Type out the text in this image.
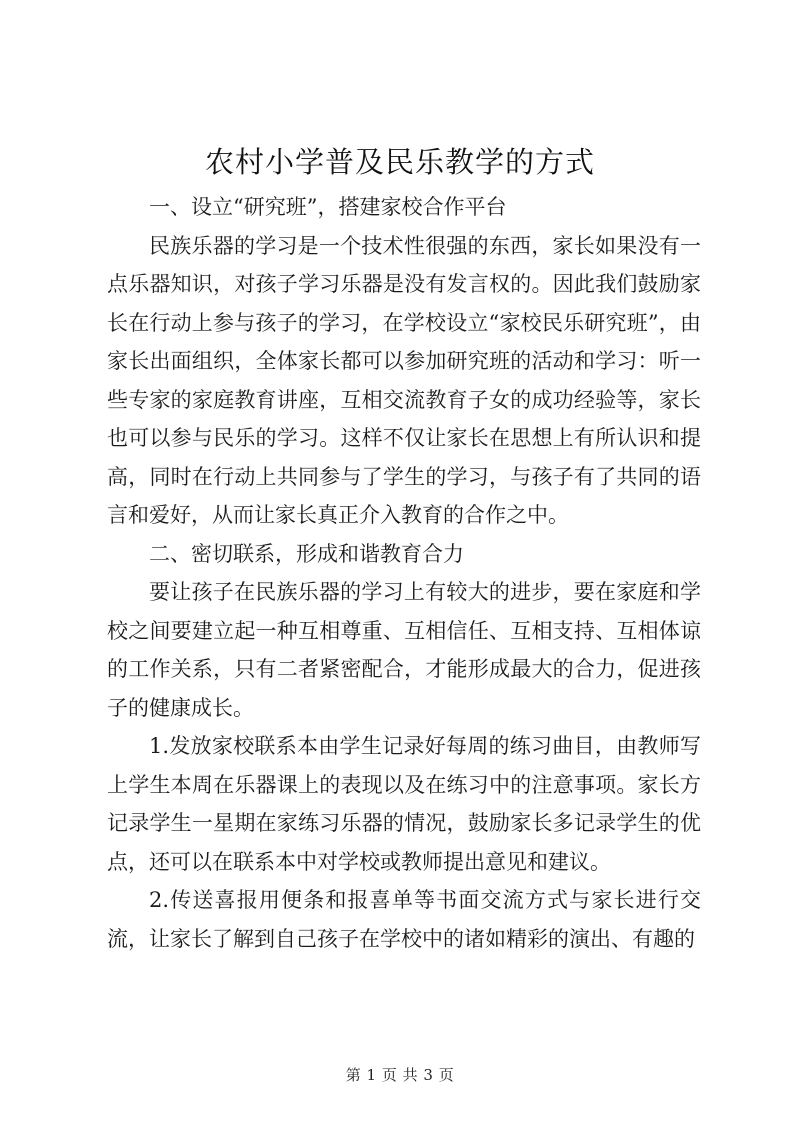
农村小学普及民乐教学的方式

一、设立“研究班”，搭建家校合作平台

民族乐器的学习是一个技术性很强的东西，家长如果没有一点乐器知识，对孩子学习乐器是没有发言权的。因此我们鼓励家长在行动上参与孩子的学习，在学校设立“家校民乐研究班”，由家长出面组织，全体家长都可以参加研究班的活动和学习：听一些专家的家庭教育讲座，互相交流教育子女的成功经验等，家长也可以参与民乐的学习。这样不仅让家长在思想上有所认识和提高，同时在行动上共同参与了学生的学习，与孩子有了共同的语言和爱好，从而让家长真正介入教育的合作之中。

二、密切联系，形成和谐教育合力

要让孩子在民族乐器的学习上有较大的进步，要在家庭和学校之间要建立起一种互相尊重、互相信任、互相支持、互相体谅的工作关系，只有二者紧密配合，才能形成最大的合力，促进孩子的健康成长。

1.发放家校联系本由学生记录好每周的练习曲目，由教师写上学生本周在乐器课上的表现以及在练习中的注意事项。家长方记录学生一星期在家练习乐器的情况，鼓励家长多记录学生的优点，还可以在联系本中对学校或教师提出意见和建议。

2.传送喜报用便条和报喜单等书面交流方式与家长进行交流，让家长了解到自己孩子在学校中的诸如精彩的演出、有趣的

第 1 页 共 3 页
